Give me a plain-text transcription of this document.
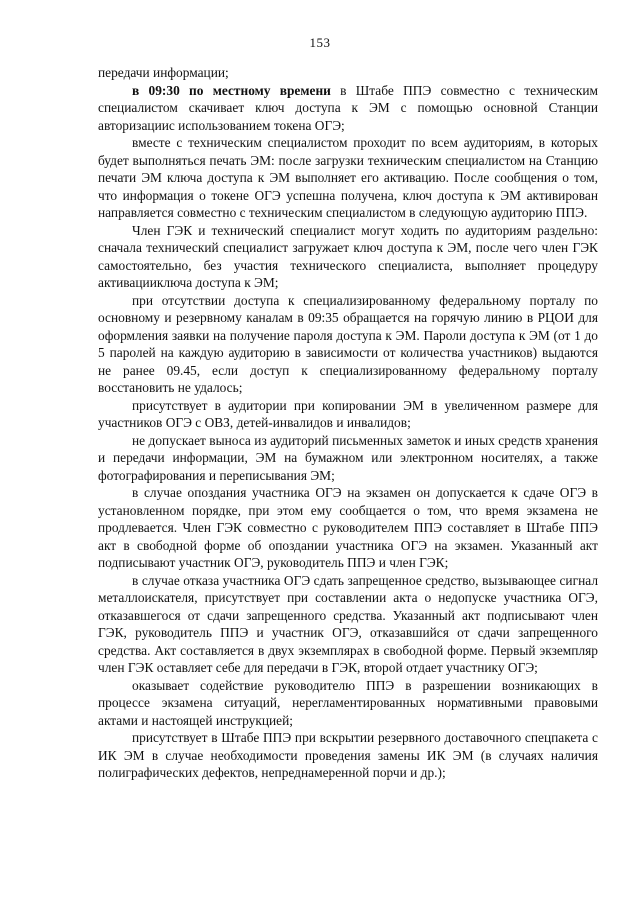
153

передачи информации;

в 09:30 по местному времени в Штабе ППЭ совместно с техническим специалистом скачивает ключ доступа к ЭМ с помощью основной Станции авторизацииc использованием токена ОГЭ;

вместе с техническим специалистом проходит по всем аудиториям, в которых будет выполняться печать ЭМ: после загрузки техническим специалистом на Станцию печати ЭМ ключа доступа к ЭМ выполняет его активацию. После сообщения о том, что информация о токене ОГЭ успешна получена, ключ доступа к ЭМ активирован направляется совместно с техническим специалистом в следующую аудиторию ППЭ.

Член ГЭК и технический специалист могут ходить по аудиториям раздельно: сначала технический специалист загружает ключ доступа к ЭМ, после чего член ГЭК самостоятельно, без участия технического специалиста, выполняет процедуру активацииключа доступа к ЭМ;

при отсутствии доступа к специализированному федеральному порталу по основному и резервному каналам в 09:35 обращается на горячую линию в РЦОИ для оформления заявки на получение пароля доступа к ЭМ. Пароли доступа к ЭМ (от 1 до 5 паролей на каждую аудиторию в зависимости от количества участников) выдаются не ранее 09.45, если доступ к специализированному федеральному порталу восстановить не удалось;

присутствует в аудитории при копировании ЭМ в увеличенном размере для участников ОГЭ с ОВЗ, детей-инвалидов и инвалидов;

не допускает выноса из аудиторий письменных заметок и иных средств хранения и передачи информации, ЭМ на бумажном или электронном носителях, а также фотографирования и переписывания ЭМ;

в случае опоздания участника ОГЭ на экзамен он допускается к сдаче ОГЭ в установленном порядке, при этом ему сообщается о том, что время экзамена не продлевается. Член ГЭК совместно с руководителем ППЭ составляет в Штабе ППЭ акт в свободной форме об опоздании участника ОГЭ на экзамен. Указанный акт подписывают участник ОГЭ, руководитель ППЭ и член ГЭК;

в случае отказа участника ОГЭ сдать запрещенное средство, вызывающее сигнал металлоискателя, присутствует при составлении акта о недопуске участника ОГЭ, отказавшегося от сдачи запрещенного средства. Указанный акт подписывают член ГЭК, руководитель ППЭ и участник ОГЭ, отказавшийся от сдачи запрещенного средства. Акт составляется в двух экземплярах в свободной форме. Первый экземпляр член ГЭК оставляет себе для передачи в ГЭК, второй отдает участнику ОГЭ;

оказывает содействие руководителю ППЭ в разрешении возникающих в процессе экзамена ситуаций, нерегламентированных нормативными правовыми актами и настоящей инструкцией;

присутствует в Штабе ППЭ при вскрытии резервного доставочного спецпакета с ИК ЭМ в случае необходимости проведения замены ИК ЭМ (в случаях наличия полиграфических дефектов, непреднамеренной порчи и др.);
